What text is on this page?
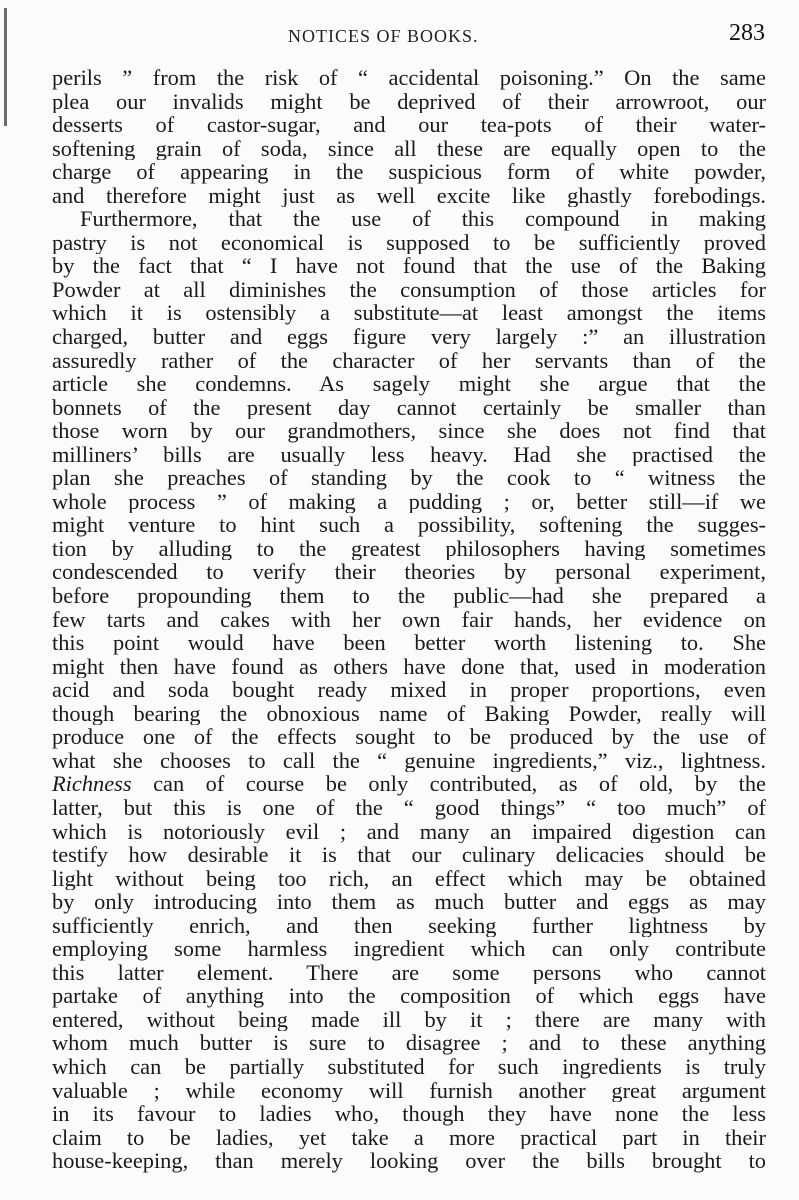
NOTICES OF BOOKS.	283
perils ” from the risk of “ accidental poisoning.” On the same
plea our invalids might be deprived of their arrowroot, our
desserts of castor-sugar, and our tea-pots of their water-
softening grain of soda, since all these are equally open to the
charge of appearing in the suspicious form of white powder,
and therefore might just as well excite like ghastly forebodings.
Furthermore, that the use of this compound in making
pastry is not economical is supposed to be sufficiently proved
by the fact that “ I have not found that the use of the Baking
Powder at all diminishes the consumption of those articles for
which it is ostensibly a substitute—at least amongst the items
charged, butter and eggs figure very largely :” an illustration
assuredly rather of the character of her servants than of the
article she condemns. As sagely might she argue that the
bonnets of the present day cannot certainly be smaller than
those worn by our grandmothers, since she does not find that
milliners’ bills are usually less heavy. Had she practised the
plan she preaches of standing by the cook to “ witness the
whole process ” of making a pudding ; or, better still—if we
might venture to hint such a possibility, softening the sugges-
tion by alluding to the greatest philosophers having sometimes
condescended to verify their theories by personal experiment,
before propounding them to the public—had she prepared a
few tarts and cakes with her own fair hands, her evidence on
this point would have been better worth listening to. She
might then have found as others have done that, used in moderation
acid and soda bought ready mixed in proper proportions, even
though bearing the obnoxious name of Baking Powder, really will
produce one of the effects sought to be produced by the use of
what she chooses to call the “ genuine ingredients,” viz., lightness.
Richness can of course be only contributed, as of old, by the
latter, but this is one of the “ good things” “ too much” of
which is notoriously evil ; and many an impaired digestion can
testify how desirable it is that our culinary delicacies should be
light without being too rich, an effect which may be obtained
by only introducing into them as much butter and eggs as may
sufficiently enrich, and then seeking further lightness by
employing some harmless ingredient which can only contribute
this latter element. There are some persons who cannot
partake of anything into the composition of which eggs have
entered, without being made ill by it ; there are many with
whom much butter is sure to disagree ; and to these anything
which can be partially substituted for such ingredients is truly
valuable ; while economy will furnish another great argument
in its favour to ladies who, though they have none the less
claim to be ladies, yet take a more practical part in their
house-keeping, than merely looking over the bills brought to
